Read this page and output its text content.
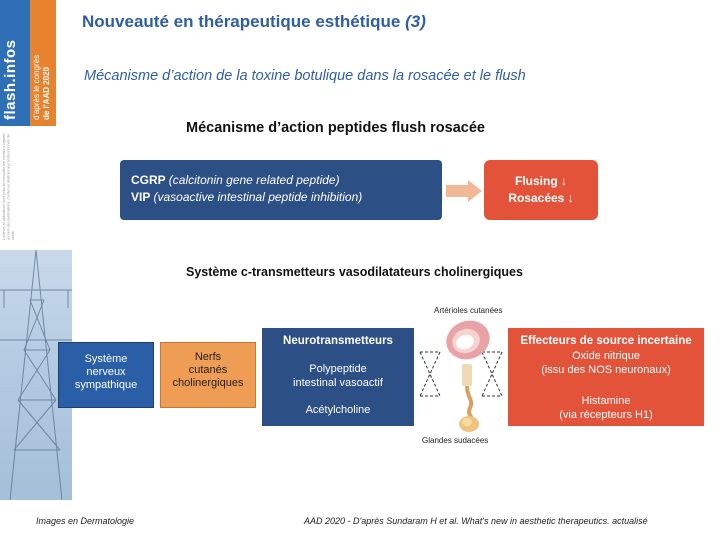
flash.infos	d'après le congrès
de l'AAD 2020
Lecteurs et utilisateurs sont priés de consulter les mentions légales au sein des publications. Contenus destinés aux professionnels de santé.
Nouveauté en thérapeutique esthétique (3)
Mécanisme d’action de la toxine botulique dans la rosacée et le flush
Mécanisme d’action peptides flush rosacée
CGRP (calcitonin gene related peptide)
VIP (vasoactive intestinal peptide inhibition)
Flusing ↓
Rosacées ↓
Système c-transmetteurs vasodilatateurs cholinergiques
Artérioles cutanées
Glandes sudacées
Système
nerveux
sympathique
Nerfs
cutanés
cholinergiques
Neurotransmetteurs
Polypeptide
intestinal vasoactif
Acétylcholine
Effecteurs de source incertaine
Oxide nitrique
(issu des NOS neuronaux)
Histamine
(via récepteurs H1)
Images en Dermatologie	AAD 2020 - D'après Sundaram H et al. What's new in aesthetic therapeutics. actualisé
